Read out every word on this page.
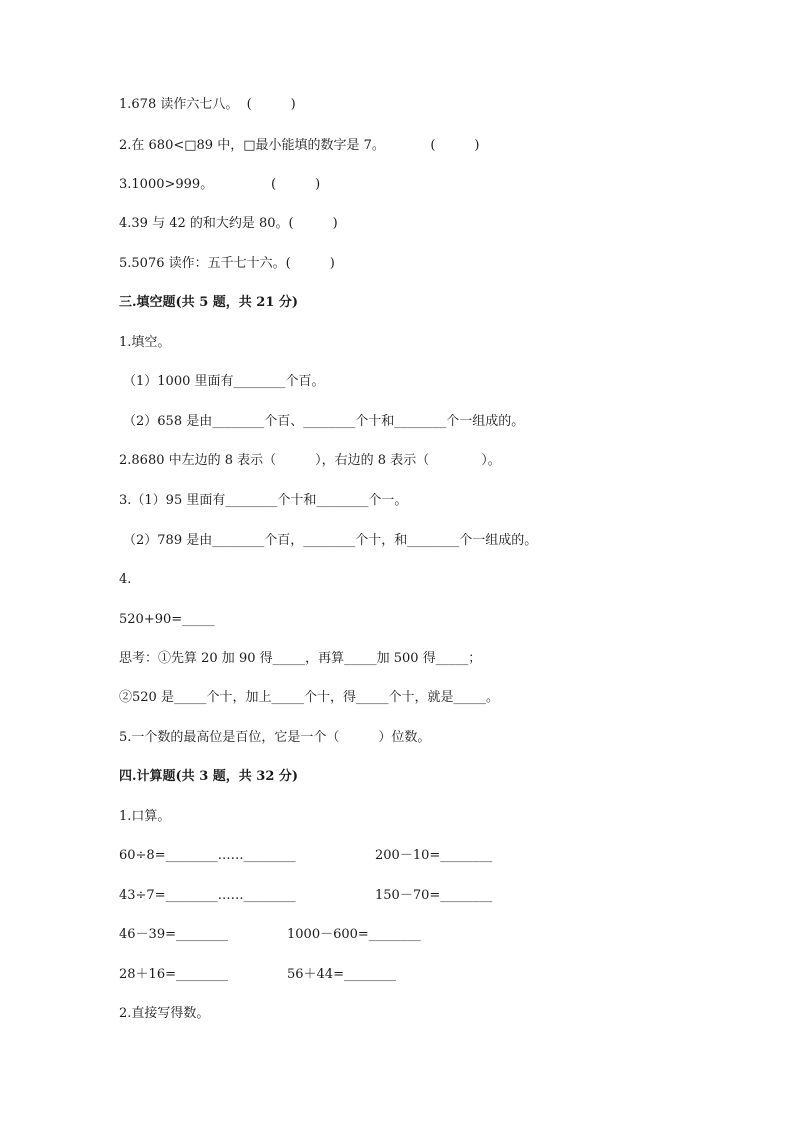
1.678 读作六七八。  (　　　)
2.在 680<□89 中，□最小能填的数字是 7。           (　　　)
3.1000>999。              (　　　)
4.39 与 42 的和大约是 80。(　　　)
5.5076 读作：五千七十六。(　　　)
三.填空题(共 5 题，共 21 分)
1.填空。
（1）1000 里面有________个百。
（2）658 是由________个百、________个十和________个一组成的。
2.8680 中左边的 8 表示（　　　），右边的 8 表示（　　　　）。
3.（1）95 里面有________个十和________个一。
（2）789 是由________个百，________个十，和________个一组成的。
4.
520+90=_____
思考：①先算 20 加 90 得_____，再算_____加 500 得_____；
②520 是_____个十，加上_____个十，得_____个十，就是_____。
5.一个数的最高位是百位，它是一个（　　　）位数。
四.计算题(共 3 题，共 32 分)
1.口算。
60÷8=________……________	200－10=________
43÷7=________……________	150－70=________
46－39=________	1000－600=________
28＋16=________	56＋44=________
2.直接写得数。
